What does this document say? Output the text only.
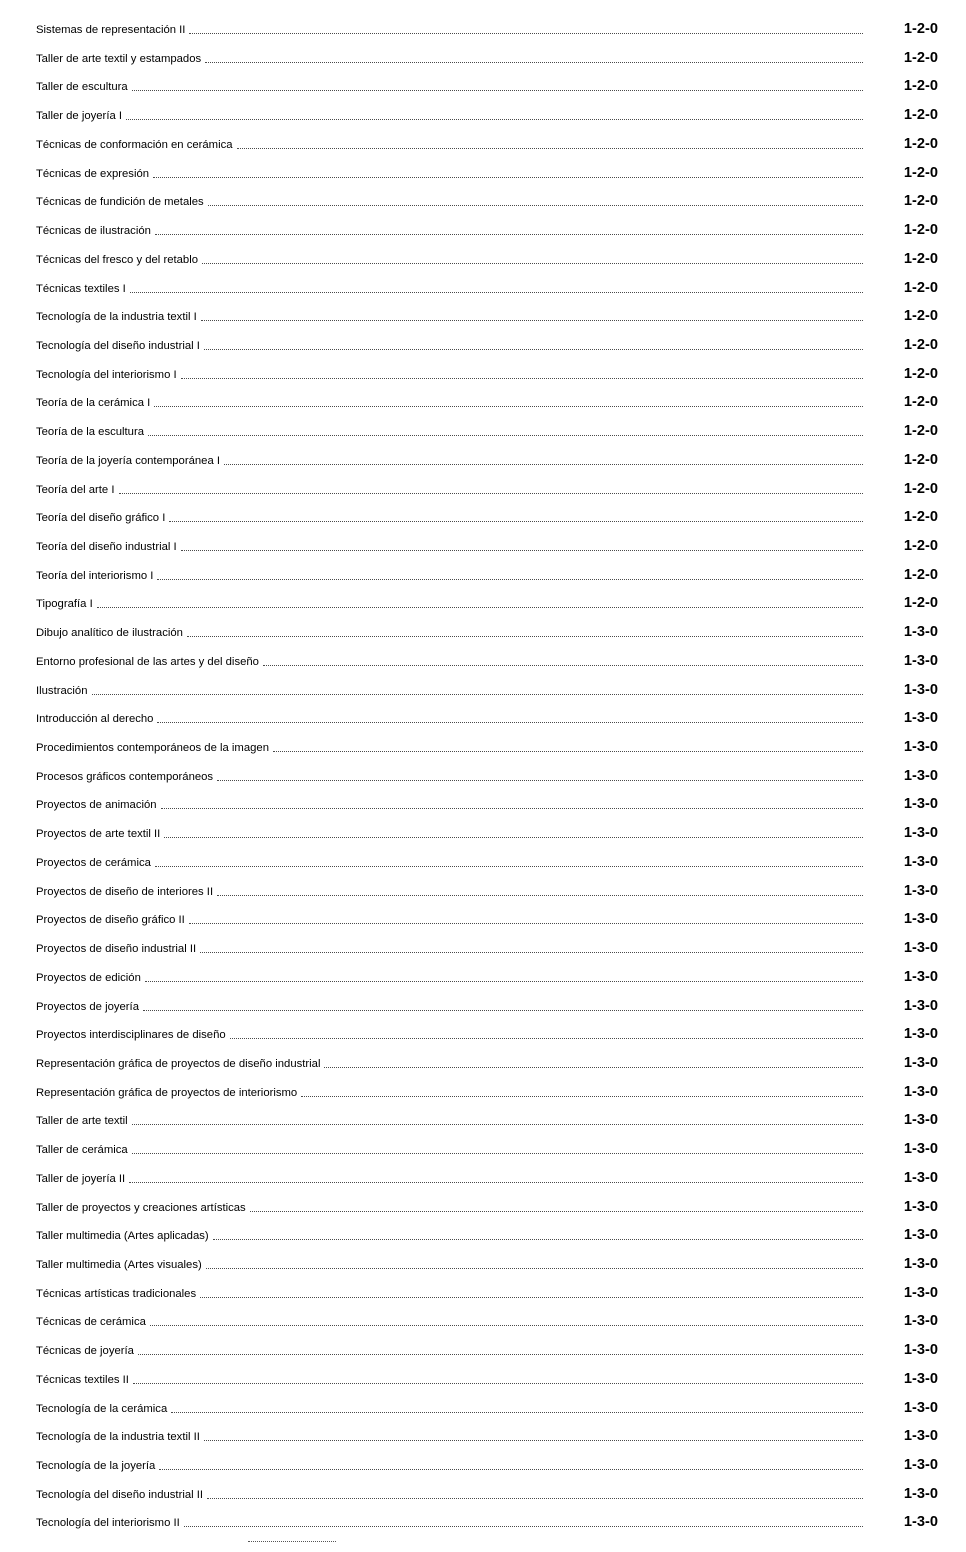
Sistemas de representación II	1-2-0
Taller de arte textil y estampados	1-2-0
Taller de escultura	1-2-0
Taller de joyería I	1-2-0
Técnicas de conformación en cerámica	1-2-0
Técnicas de expresión	1-2-0
Técnicas de fundición de metales	1-2-0
Técnicas de ilustración	1-2-0
Técnicas del fresco y del retablo	1-2-0
Técnicas textiles I	1-2-0
Tecnología de la industria textil I	1-2-0
Tecnología del diseño industrial I	1-2-0
Tecnología del interiorismo I	1-2-0
Teoría de la cerámica I	1-2-0
Teoría de la escultura	1-2-0
Teoría de la joyería contemporánea I	1-2-0
Teoría del arte I	1-2-0
Teoría del diseño gráfico I	1-2-0
Teoría del diseño industrial I	1-2-0
Teoría del interiorismo I	1-2-0
Tipografía I	1-2-0
Dibujo analítico de ilustración	1-3-0
Entorno profesional de las artes y del diseño	1-3-0
Ilustración	1-3-0
Introducción al derecho	1-3-0
Procedimientos contemporáneos de la imagen	1-3-0
Procesos gráficos contemporáneos	1-3-0
Proyectos de animación	1-3-0
Proyectos de arte textil II	1-3-0
Proyectos de cerámica	1-3-0
Proyectos de diseño de interiores II	1-3-0
Proyectos de diseño gráfico II	1-3-0
Proyectos de diseño industrial II	1-3-0
Proyectos de edición	1-3-0
Proyectos de joyería	1-3-0
Proyectos interdisciplinares de diseño	1-3-0
Representación gráfica de proyectos de diseño industrial	1-3-0
Representación gráfica de proyectos de interiorismo	1-3-0
Taller de arte textil	1-3-0
Taller de cerámica	1-3-0
Taller de joyería II	1-3-0
Taller de proyectos y creaciones artísticas	1-3-0
Taller multimedia (Artes aplicadas)	1-3-0
Taller multimedia (Artes visuales)	1-3-0
Técnicas artísticas tradicionales	1-3-0
Técnicas de cerámica	1-3-0
Técnicas de joyería	1-3-0
Técnicas textiles II	1-3-0
Tecnología de la cerámica	1-3-0
Tecnología de la industria textil II	1-3-0
Tecnología de la joyería	1-3-0
Tecnología del diseño industrial II	1-3-0
Tecnología del interiorismo II	1-3-0
